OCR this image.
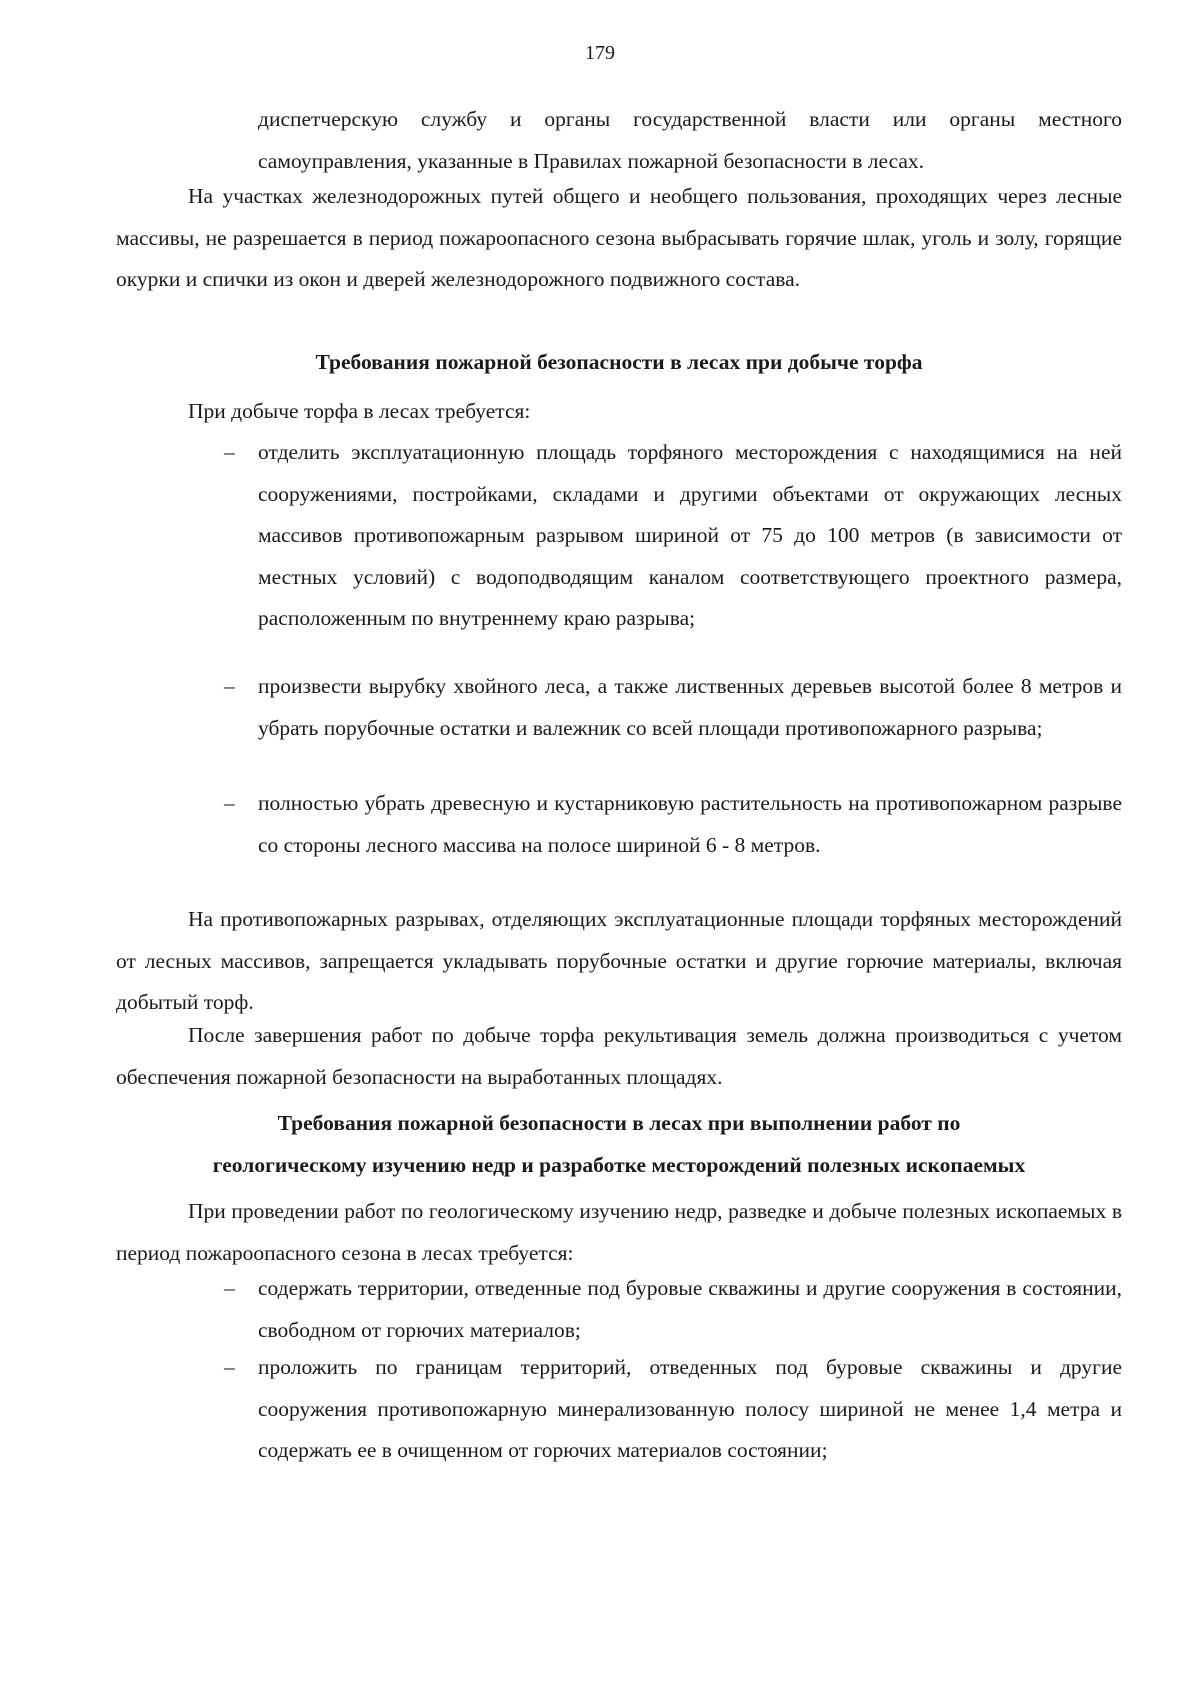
179

диспетчерскую службу и органы государственной власти или органы местного самоуправления, указанные в Правилах пожарной безопасности в лесах.

На участках железнодорожных путей общего и необщего пользования, проходящих через лесные массивы, не разрешается в период пожароопасного сезона выбрасывать горячие шлак, уголь и золу, горящие окурки и спички из окон и дверей железнодорожного подвижного состава.

Требования пожарной безопасности в лесах при добыче торфа

При добыче торфа в лесах требуется:

– отделить эксплуатационную площадь торфяного месторождения с находящимися на ней сооружениями, постройками, складами и другими объектами от окружающих лесных массивов противопожарным разрывом шириной от 75 до 100 метров (в зависимости от местных условий) с водоподводящим каналом соответствующего проектного размера, расположенным по внутреннему краю разрыва;
– произвести вырубку хвойного леса, а также лиственных деревьев высотой более 8 метров и убрать порубочные остатки и валежник со всей площади противопожарного разрыва;
– полностью убрать древесную и кустарниковую растительность на противопожарном разрыве со стороны лесного массива на полосе шириной 6 - 8 метров.

На противопожарных разрывах, отделяющих эксплуатационные площади торфяных месторождений от лесных массивов, запрещается укладывать порубочные остатки и другие горючие материалы, включая добытый торф.

После завершения работ по добыче торфа рекультивация земель должна производиться с учетом обеспечения пожарной безопасности на выработанных площадях.

Требования пожарной безопасности в лесах при выполнении работ по
геологическому изучению недр и разработке месторождений полезных ископаемых

При проведении работ по геологическому изучению недр, разведке и добыче полезных ископаемых в период пожароопасного сезона в лесах требуется:

– содержать территории, отведенные под буровые скважины и другие сооружения в состоянии, свободном от горючих материалов;
– проложить по границам территорий, отведенных под буровые скважины и другие сооружения противопожарную минерализованную полосу шириной не менее 1,4 метра и содержать ее в очищенном от горючих материалов состоянии;
